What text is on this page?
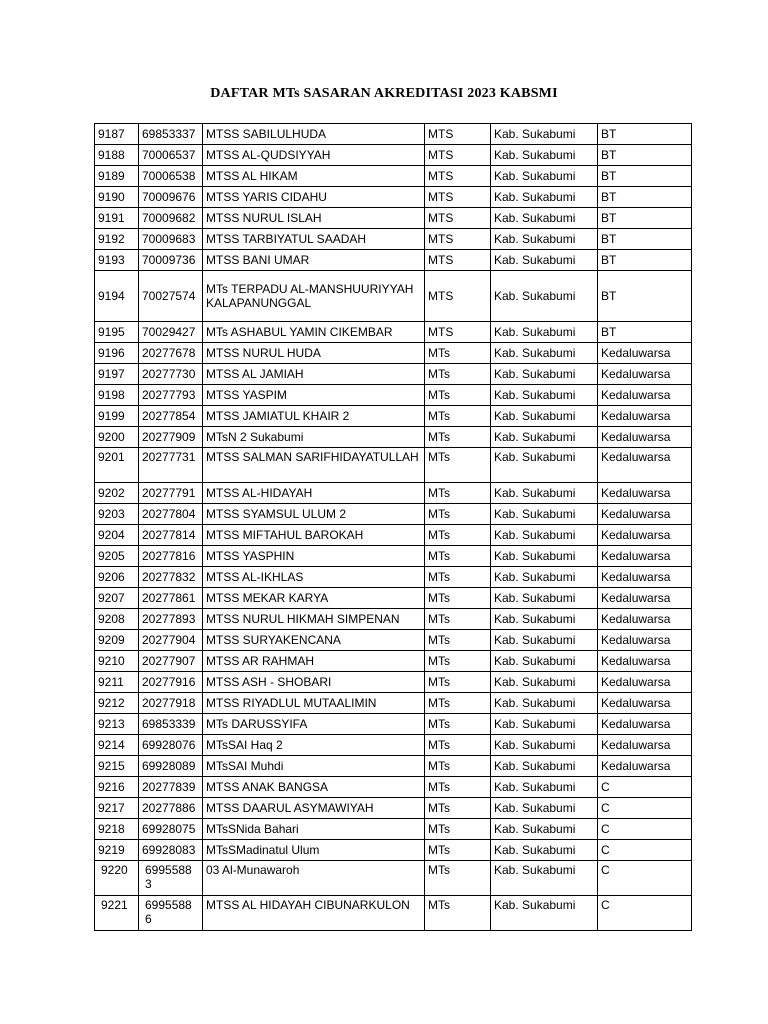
DAFTAR MTs SASARAN AKREDITASI 2023 KABSMI
9187	69853337	MTSS SABILULHUDA	MTS	Kab. Sukabumi	BT
9188	70006537	MTSS AL-QUDSIYYAH	MTS	Kab. Sukabumi	BT
9189	70006538	MTSS AL HIKAM	MTS	Kab. Sukabumi	BT
9190	70009676	MTSS YARIS CIDAHU	MTS	Kab. Sukabumi	BT
9191	70009682	MTSS NURUL ISLAH	MTS	Kab. Sukabumi	BT
9192	70009683	MTSS TARBIYATUL SAADAH	MTS	Kab. Sukabumi	BT
9193	70009736	MTSS BANI UMAR	MTS	Kab. Sukabumi	BT
9194	70027574	MTs TERPADU AL-MANSHUURIYYAH KALAPANUNGGAL	MTS	Kab. Sukabumi	BT
9195	70029427	MTs ASHABUL YAMIN CIKEMBAR	MTS	Kab. Sukabumi	BT
9196	20277678	MTSS NURUL HUDA	MTs	Kab. Sukabumi	Kedaluwarsa
9197	20277730	MTSS AL JAMIAH	MTs	Kab. Sukabumi	Kedaluwarsa
9198	20277793	MTSS YASPIM	MTs	Kab. Sukabumi	Kedaluwarsa
9199	20277854	MTSS JAMIATUL KHAIR 2	MTs	Kab. Sukabumi	Kedaluwarsa
9200	20277909	MTsN 2 Sukabumi	MTs	Kab. Sukabumi	Kedaluwarsa
9201	20277731	MTSS SALMAN SARIFHIDAYATULLAH	MTs	Kab. Sukabumi	Kedaluwarsa
9202	20277791	MTSS AL-HIDAYAH	MTs	Kab. Sukabumi	Kedaluwarsa
9203	20277804	MTSS SYAMSUL ULUM 2	MTs	Kab. Sukabumi	Kedaluwarsa
9204	20277814	MTSS MIFTAHUL BAROKAH	MTs	Kab. Sukabumi	Kedaluwarsa
9205	20277816	MTSS YASPHIN	MTs	Kab. Sukabumi	Kedaluwarsa
9206	20277832	MTSS AL-IKHLAS	MTs	Kab. Sukabumi	Kedaluwarsa
9207	20277861	MTSS MEKAR KARYA	MTs	Kab. Sukabumi	Kedaluwarsa
9208	20277893	MTSS NURUL HIKMAH SIMPENAN	MTs	Kab. Sukabumi	Kedaluwarsa
9209	20277904	MTSS SURYAKENCANA	MTs	Kab. Sukabumi	Kedaluwarsa
9210	20277907	MTSS AR RAHMAH	MTs	Kab. Sukabumi	Kedaluwarsa
9211	20277916	MTSS ASH - SHOBARI	MTs	Kab. Sukabumi	Kedaluwarsa
9212	20277918	MTSS RIYADLUL MUTAALIMIN	MTs	Kab. Sukabumi	Kedaluwarsa
9213	69853339	MTs DARUSSYIFA	MTs	Kab. Sukabumi	Kedaluwarsa
9214	69928076	MTsSAI Haq 2	MTs	Kab. Sukabumi	Kedaluwarsa
9215	69928089	MTsSAI Muhdi	MTs	Kab. Sukabumi	Kedaluwarsa
9216	20277839	MTSS ANAK BANGSA	MTs	Kab. Sukabumi	C
9217	20277886	MTSS DAARUL ASYMAWIYAH	MTs	Kab. Sukabumi	C
9218	69928075	MTsSNida Bahari	MTs	Kab. Sukabumi	C
9219	69928083	MTsSMadinatul Ulum	MTs	Kab. Sukabumi	C
9220	69955883	03 Al-Munawaroh	MTs	Kab. Sukabumi	C
9221	69955886	MTSS AL HIDAYAH CIBUNARKULON	MTs	Kab. Sukabumi	C
